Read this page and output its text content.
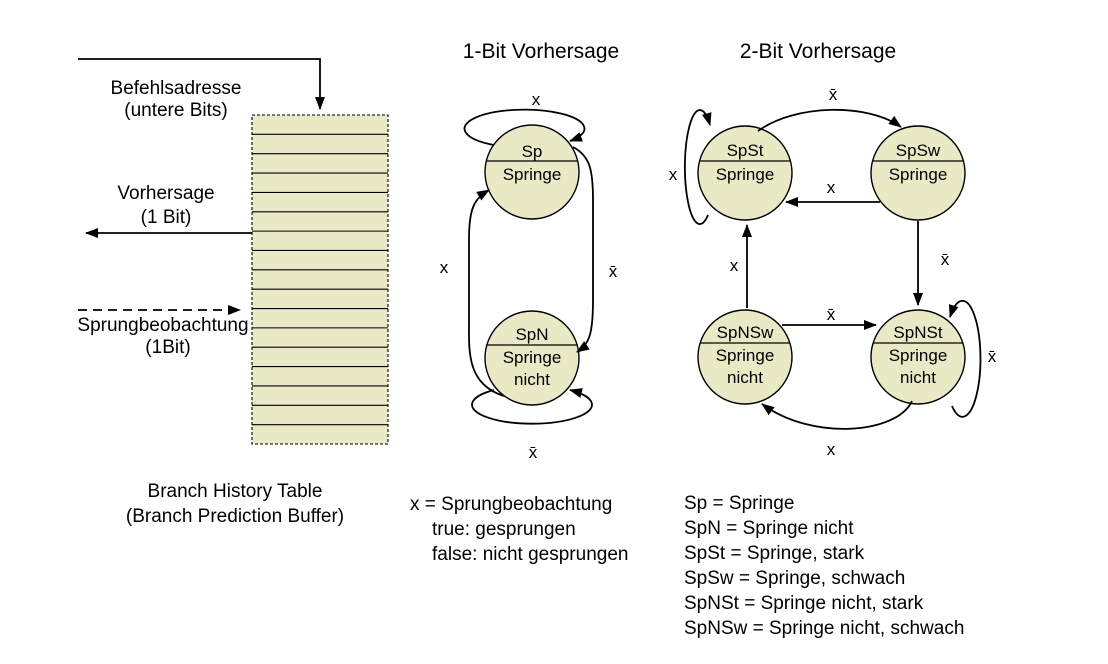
Befehlsadresse
(untere Bits)
Vorhersage
(1 Bit)
Sprungbeobachtung
(1Bit)
Branch History Table
(Branch Prediction Buffer)
1-Bit Vorhersage
Sp
Springe
SpN
Springe
nicht
x
x	x̄
x̄
2-Bit Vorhersage
SpSt
Springe
SpSw
Springe
SpNSw
Springe
nicht
SpNSt
Springe
nicht
x̄
x
x
x	x̄
x̄
x̄
x
x = Sprungbeobachtung
true: gesprungen
false: nicht gesprungen
Sp = Springe
SpN = Springe nicht
SpSt = Springe, stark
SpSw = Springe, schwach
SpNSt = Springe nicht, stark
SpNSw = Springe nicht, schwach
